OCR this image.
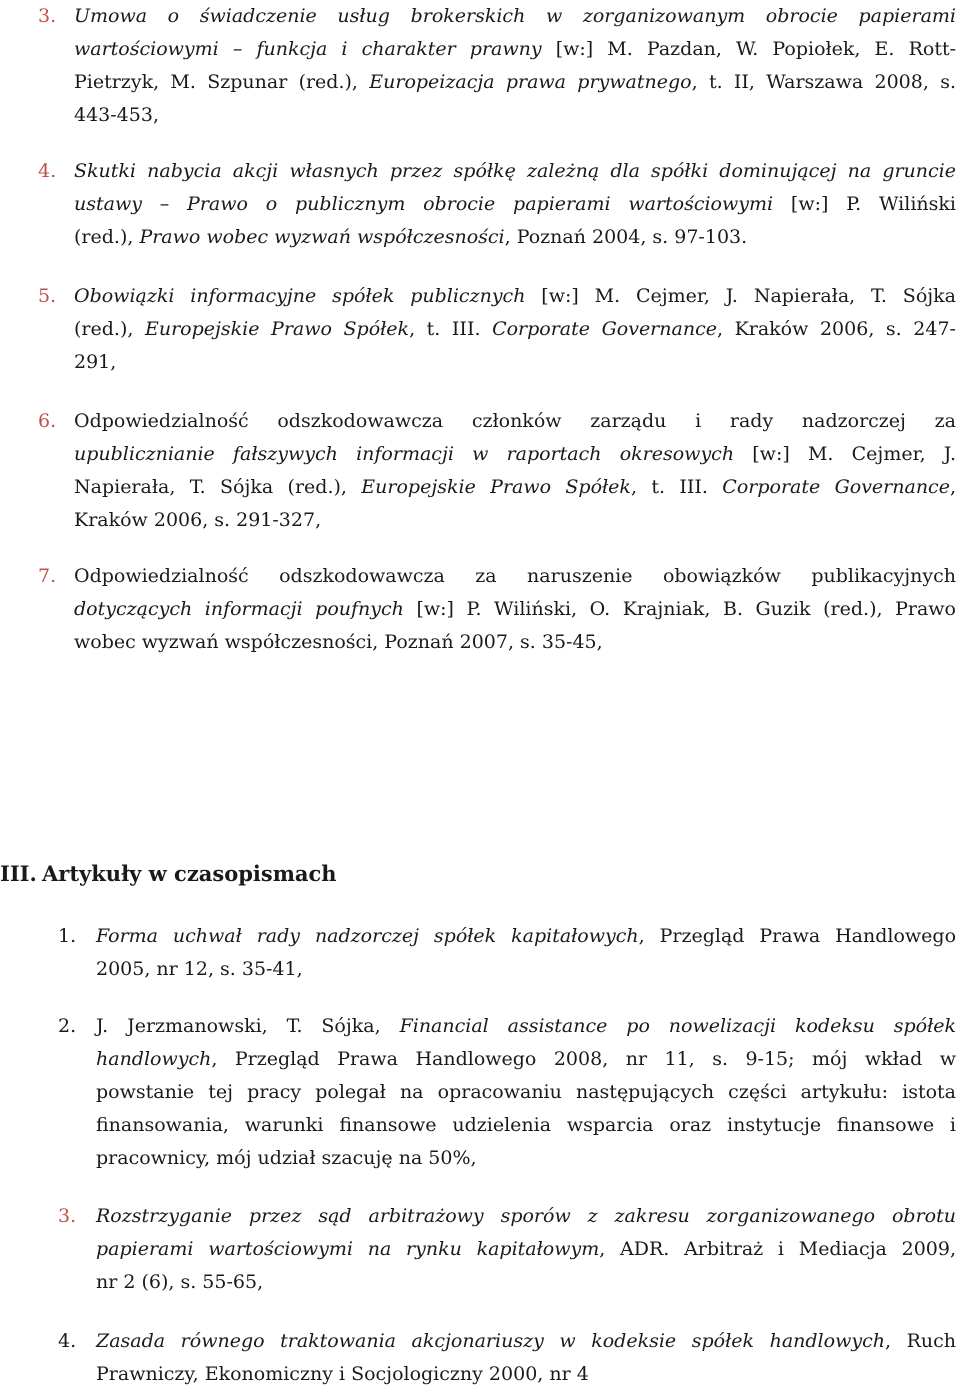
3. Umowa o świadczenie usług brokerskich w zorganizowanym obrocie papierami
wartościowymi – funkcja i charakter prawny [w:] M. Pazdan, W. Popiołek, E. Rott-
Pietrzyk, M. Szpunar (red.), Europeizacja prawa prywatnego, t. II, Warszawa 2008, s.
443-453,
4. Skutki nabycia akcji własnych przez spółkę zależną dla spółki dominującej na gruncie
ustawy – Prawo o publicznym obrocie papierami wartościowymi [w:] P. Wiliński
(red.), Prawo wobec wyzwań współczesności, Poznań 2004, s. 97-103.
5. Obowiązki informacyjne spółek publicznych [w:] M. Cejmer, J. Napierała, T. Sójka
(red.), Europejskie Prawo Spółek, t. III. Corporate Governance, Kraków 2006, s. 247-
291,
6. Odpowiedzialność odszkodowawcza członków zarządu i rady nadzorczej za
upublicznianie fałszywych informacji w raportach okresowych [w:] M. Cejmer, J.
Napierała, T. Sójka (red.), Europejskie Prawo Spółek, t. III. Corporate Governance,
Kraków 2006, s. 291-327,
7. Odpowiedzialność odszkodowawcza za naruszenie obowiązków publikacyjnych
dotyczących informacji poufnych [w:] P. Wiliński, O. Krajniak, B. Guzik (red.), Prawo
wobec wyzwań współczesności, Poznań 2007, s. 35-45,
III. Artykuły w czasopismach
1.	Forma uchwał rady nadzorczej spółek kapitałowych, Przegląd Prawa Handlowego
2005, nr 12, s. 35-41,
2.	J. Jerzmanowski, T. Sójka, Financial assistance po nowelizacji kodeksu spółek
handlowych, Przegląd Prawa Handlowego 2008, nr 11, s. 9-15; mój wkład w
powstanie tej pracy polegał na opracowaniu następujących części artykułu: istota
finansowania, warunki finansowe udzielenia wsparcia oraz instytucje finansowe i
pracownicy, mój udział szacuję na 50%,
3.	Rozstrzyganie przez sąd arbitrażowy sporów z zakresu zorganizowanego obrotu
papierami wartościowymi na rynku kapitałowym, ADR. Arbitraż i Mediacja 2009,
nr 2 (6), s. 55-65,
4.	Zasada równego traktowania akcjonariuszy w kodeksie spółek handlowych, Ruch
Prawniczy, Ekonomiczny i Socjologiczny 2000, nr 4
